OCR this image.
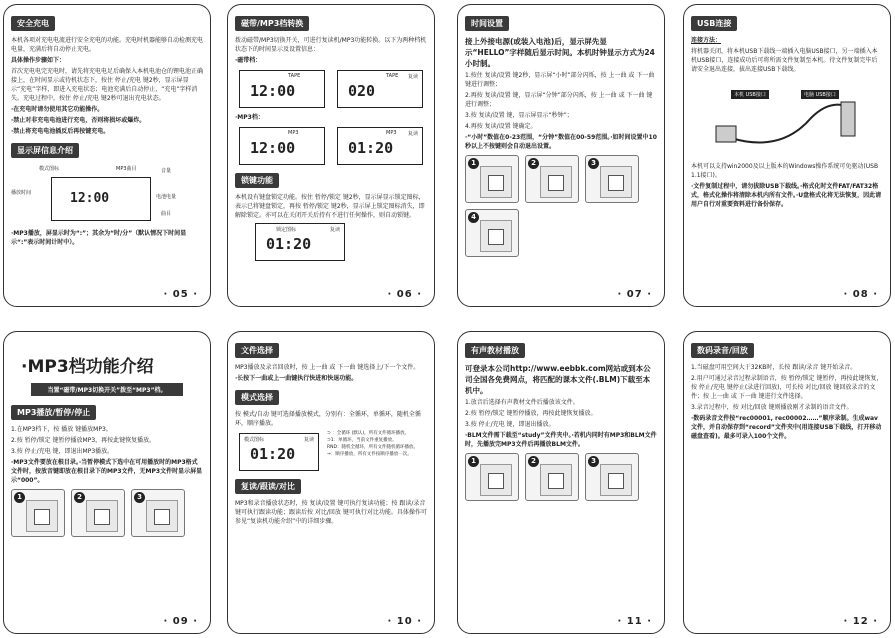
安全充电
本机各项对充电电流进行安全充电的功能。充电时机器能够自动检测充电电量，充满后将自动停止充电。
具体操作步骤如下：
首次充电电完充电时，请先将充电电足后确保入本机电池仓的锂电池正确接上，在时间显示或待机状态下，按住 停止/充电 键2秒，显示屏显示“充电”字样，即进入充电状态；电池充满后自动停止，“充电”字样消失。充电过程中，按住 停止/充电 键2秒可退出充电状态。
·在充电时请勿使用其它功能操作。
·禁止对非充电电池进行充电，否则将损坏或爆炸。
·禁止将充电电池插反后再按键充电。
显示屏信息介绍
12:00
模式图标	MP3曲目	音量
播放时间
电池电量
曲目
·MP3播放，屏显示时为“:”；其余为“时/分”（默认情况下时间显示“:”表示时间计时中）。
· 05 ·
磁带/MP3档转换
拨动磁带/MP3切换开关，可进行复读机/MP3功能转换。以下为两种档机状态下的时间显示及设置信息：
·磁带档：
TAPE
12:00
TAPE 复读
020
·MP3档：
MP3
12:00
MP3 复读
01:20
锁键功能
本机设有键盘锁定功能。按住 暂停/锁定 键2秒，显示屏显示锁定图标，表示已将键盘锁定，再按 暂停/锁定 键2秒，显示屏上锁定图标消失，即解除锁定。亦可以在关闭开关后持有不进行任何操作，则自动锁键。
锁定图标	复读
01:20
· 06 ·
时间设置
接上外接电源(或装入电池)后，显示屏先显示“HELLO”字样随后显示时间。本机时钟显示方式为24小时制。
1.按住 复读/设置 键2秒，显示屏“小时”部分闪烁，按 上一曲 或 下一曲 键进行调整；
2.再按 复读/设置 键，显示屏“分钟”部分闪烁，按 上一曲 或 下一曲 键进行调整；
3.按 复读/设置 键，显示屏显示“秒钟”；
4.再按 复读/设置 键确定。
·“小时”数值在0-23范围，“分钟”数值在00-59范围。·如时间设置中10秒以上不按键则会自动退出设置。
1	2	3
4
· 07 ·
USB连接
连接方法：
将机器关闭，将本机USB下载线一端插入电脑USB接口，另一端插入本机USB接口，连接成功后可将所需文件复制至本机。待文件复制完毕后请安全退出连接，拔出连接USB下载线。
本机 USB接口	电脑 USB接口
本机可以支持win2000及以上版本的Windows操作系统可免驱动(USB 1.1接口)。
·文件复制过程中，请勿拔除USB下载线。·格式化时文件FAT/FAT32格式，格式化操作将清除本机内所有文件。·U盘格式化将无法恢复，因此请用户自行对重要资料进行备份保存。
· 08 ·
·MP3档功能介绍
当置“磁带/MP3切换开关”拨至“MP3”档。
MP3播放/暂停/停止
1.在MP3档下，按 播放 键播放MP3。
2.按 暂停/锁定 键暂停播放MP3，再按此键恢复播放。
3.按 停止/充电 键，即退出MP3播放。
·MP3文件要放在根目录。·当暂停模式下选中在可用播放时的MP3格式文件时，按放音键即放在根目录下的MP3文件，无MP3文件时显示屏显示“000”。
1	2	3
· 09 ·
文件选择
MP3播放及录音回放时，按 上一曲 或 下一曲 键选择上/下一个文件。
·长按下一曲或上一曲键执行快进和快退功能。
模式选择
按 模式/自动 键可选择播放模式，分别有：全循环，单循环，随机全循环，顺序播放。
模式图标	复读
01:20
⊃ ：全循环 (默认)，所有文件循环播放。
⊃1：单循环，当前文件重复播放。
RND：随机全循环，所有文件随机循环播放。
→：顺序播放，所有文件按顺序播放一次。
复读/跟读/对比
MP3和录音播放状态时，按 复读/设置 键可执行复读功能；按 跟读/录音 键可执行跟读功能；跟读后按 对比/回放 键可执行对比功能。具体操作可参见“复读机功能介绍”中的详细步骤。
· 10 ·
有声教材播放
可登录本公司http://www.eebbk.com网站或到本公司全国各免费网点，将匹配的课本文件(.BLM)下载至本机中。
1.放音后选择有声教材文件后播放该文件。
2.按 暂停/锁定 键暂停播放，再按此键恢复播放。
3.按 停止/充电 键，即退出播放。
·BLM文件需下载至“study”文件夹中。·若机内同时有MP3和BLM文件时，先播放完MP3文件后再播放BLM文件。
1	2	3
· 11 ·
数码录音/回放
1.当磁盘可用空间大于32KB时，长按 跟读/录音 键开始录音。
2.用户可通过录音过程录制语音，按 暂停/锁定 键暂停，再按此键恢复，按 停止/充电 键停止(录进行回放)，可长按 对比/回放 键回放录音的文件；按 上一曲 或 下一曲 键进行文件选择。
3.录音过程中，按 对比/回放 键则播放刚才录制的语音文件。
·数码录音文件按“rec00001, rec00002……”顺序录制。生成wav文件，并自动保存到“record”文件夹中(用连接USB下载线，打开移动磁盘查看)。最多可录入100个文件。
· 12 ·
